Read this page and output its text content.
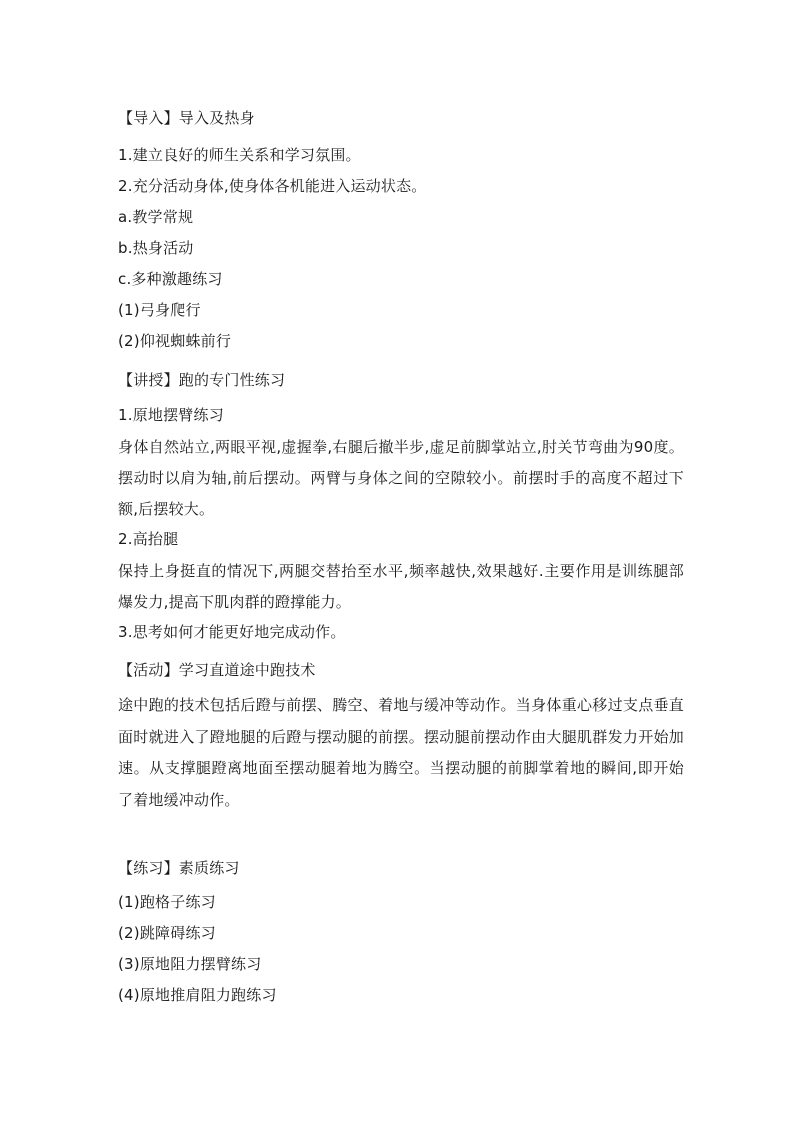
【导入】导入及热身
1.建立良好的师生关系和学习氛围。
2.充分活动身体,使身体各机能进入运动状态。
a.教学常规
b.热身活动
c.多种激趣练习
(1)弓身爬行
(2)仰视蜘蛛前行
【讲授】跑的专门性练习
1.原地摆臂练习
身体自然站立,两眼平视,虚握拳,右腿后撤半步,虚足前脚掌站立,肘关节弯曲为90度。摆动时以肩为轴,前后摆动。两臂与身体之间的空隙较小。前摆时手的高度不超过下额,后摆较大。
2.高抬腿
保持上身挺直的情况下,两腿交替抬至水平,频率越快,效果越好.主要作用是训练腿部爆发力,提高下肌肉群的蹬撑能力。
3.思考如何才能更好地完成动作。
【活动】学习直道途中跑技术
途中跑的技术包括后蹬与前摆、腾空、着地与缓冲等动作。当身体重心移过支点垂直面时就进入了蹬地腿的后蹬与摆动腿的前摆。摆动腿前摆动作由大腿肌群发力开始加速。从支撑腿蹬离地面至摆动腿着地为腾空。当摆动腿的前脚掌着地的瞬间,即开始了着地缓冲动作。
【练习】素质练习
(1)跑格子练习
(2)跳障碍练习
(3)原地阻力摆臂练习
(4)原地推肩阻力跑练习
